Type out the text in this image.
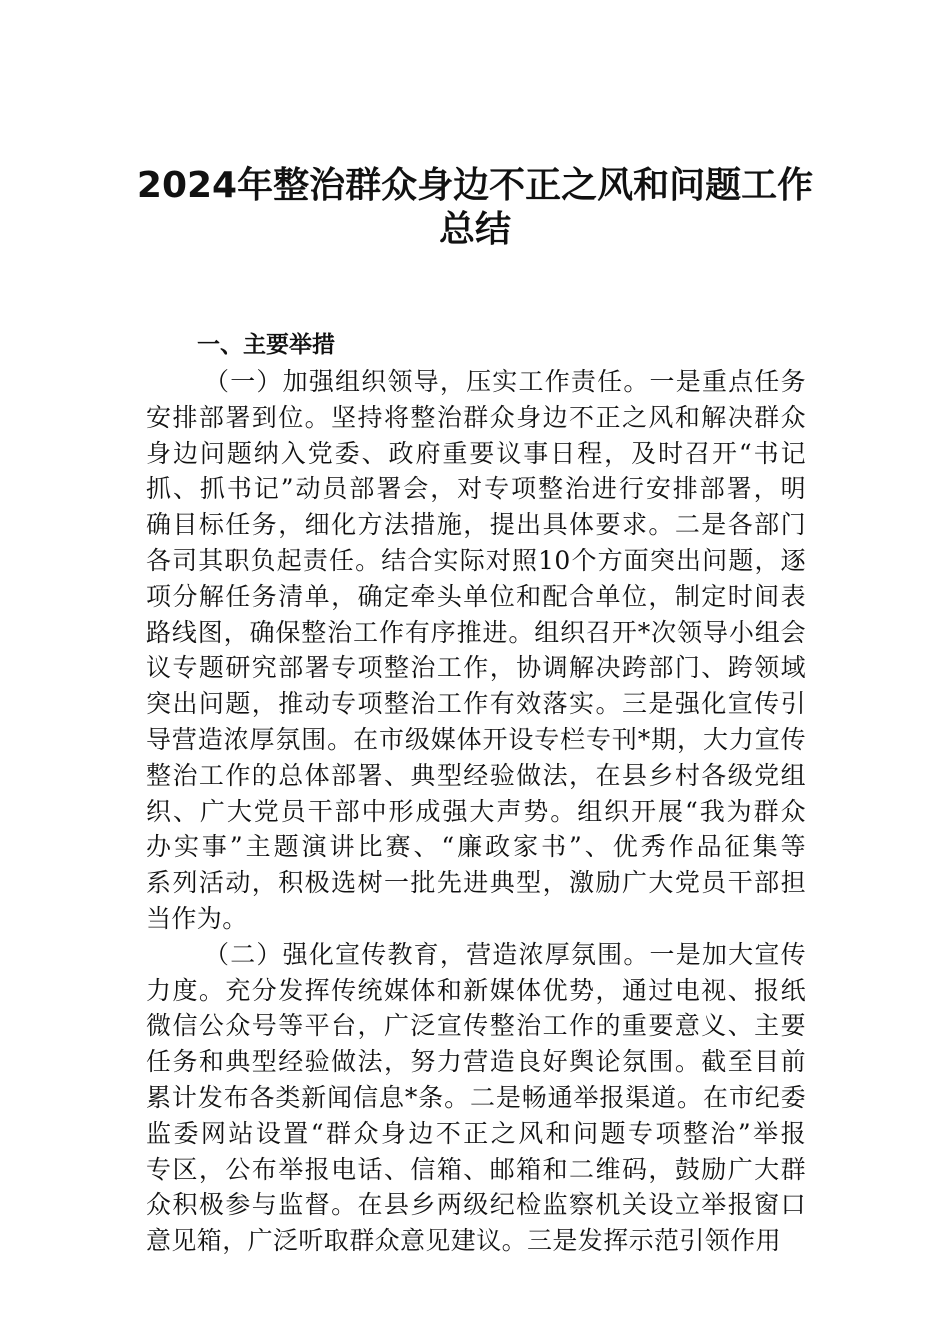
2024年整治群众身边不正之风和问题工作
总结
一、主要举措

（一）加强组织领导，压实工作责任。一是重点任务
安排部署到位。坚持将整治群众身边不正之风和解决群众
身边问题纳入党委、政府重要议事日程，及时召开“书记
抓、抓书记”动员部署会，对专项整治进行安排部署，明
确目标任务，细化方法措施，提出具体要求。二是各部门
各司其职负起责任。结合实际对照10个方面突出问题，逐
项分解任务清单，确定牵头单位和配合单位，制定时间表
路线图，确保整治工作有序推进。组织召开*次领导小组会
议专题研究部署专项整治工作，协调解决跨部门、跨领域
突出问题，推动专项整治工作有效落实。三是强化宣传引
导营造浓厚氛围。在市级媒体开设专栏专刊*期，大力宣传
整治工作的总体部署、典型经验做法，在县乡村各级党组
织、广大党员干部中形成强大声势。组织开展“我为群众
办实事”主题演讲比赛、“廉政家书”、优秀作品征集等
系列活动，积极选树一批先进典型，激励广大党员干部担
当作为。

（二）强化宣传教育，营造浓厚氛围。一是加大宣传
力度。充分发挥传统媒体和新媒体优势，通过电视、报纸
微信公众号等平台，广泛宣传整治工作的重要意义、主要
任务和典型经验做法，努力营造良好舆论氛围。截至目前
累计发布各类新闻信息*条。二是畅通举报渠道。在市纪委
监委网站设置“群众身边不正之风和问题专项整治”举报
专区，公布举报电话、信箱、邮箱和二维码，鼓励广大群
众积极参与监督。在县乡两级纪检监察机关设立举报窗口
意见箱，广泛听取群众意见建议。三是发挥示范引领作用
